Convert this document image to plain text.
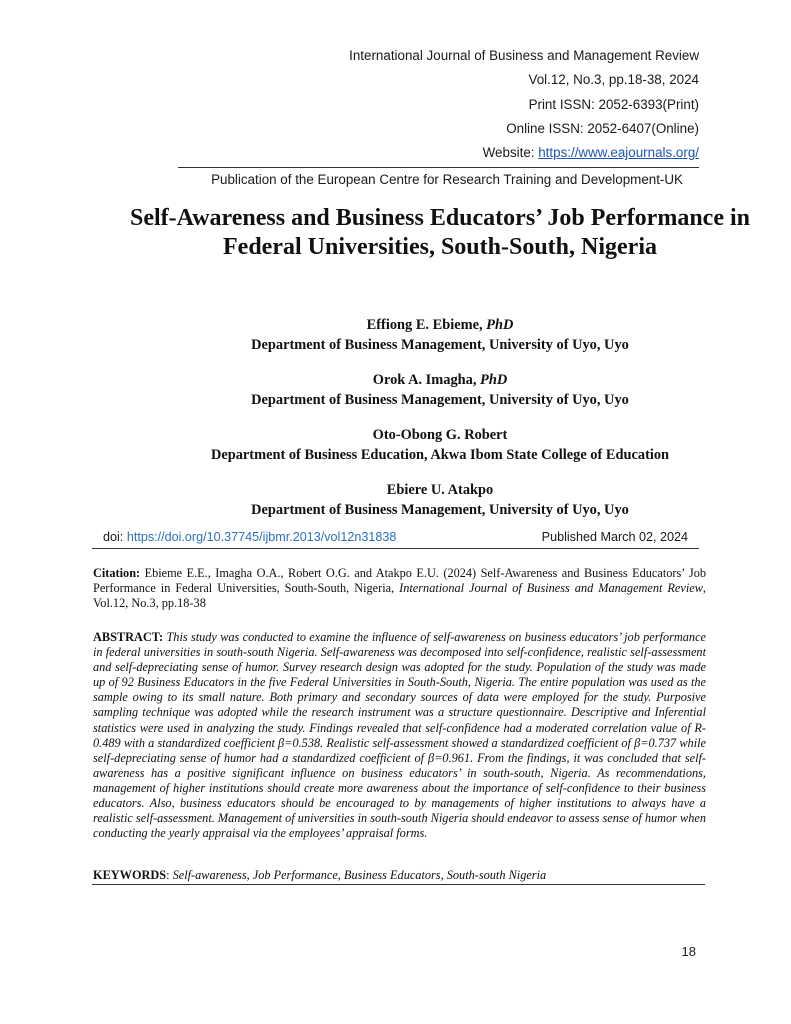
International Journal of Business and Management Review
Vol.12, No.3, pp.18-38, 2024
Print ISSN: 2052-6393(Print)
Online ISSN: 2052-6407(Online)
Website: https://www.eajournals.org/
Publication of the European Centre for Research Training and Development-UK
Self-Awareness and Business Educators’ Job Performance in Federal Universities, South-South, Nigeria
Effiong E. Ebieme, PhD
Department of Business Management, University of Uyo, Uyo
Orok A. Imagha, PhD
Department of Business Management, University of Uyo, Uyo
Oto-Obong G. Robert
Department of Business Education, Akwa Ibom State College of Education
Ebiere U. Atakpo
Department of Business Management, University of Uyo, Uyo
doi: https://doi.org/10.37745/ijbmr.2013/vol12n31838	Published March 02, 2024
Citation: Ebieme E.E., Imagha O.A., Robert O.G. and Atakpo E.U. (2024) Self-Awareness and Business Educators’ Job Performance in Federal Universities, South-South, Nigeria, International Journal of Business and Management Review, Vol.12, No.3, pp.18-38
ABSTRACT: This study was conducted to examine the influence of self-awareness on business educators’ job performance in federal universities in south-south Nigeria. Self-awareness was decomposed into self-confidence, realistic self-assessment and self-depreciating sense of humor. Survey research design was adopted for the study. Population of the study was made up of 92 Business Educators in the five Federal Universities in South-South, Nigeria. The entire population was used as the sample owing to its small nature. Both primary and secondary sources of data were employed for the study. Purposive sampling technique was adopted while the research instrument was a structure questionnaire. Descriptive and Inferential statistics were used in analyzing the study. Findings revealed that self-confidence had a moderated correlation value of R-0.489 with a standardized coefficient β=0.538. Realistic self-assessment showed a standardized coefficient of β=0.737 while self-depreciating sense of humor had a standardized coefficient of β=0.961. From the findings, it was concluded that self-awareness has a positive significant influence on business educators’ in south-south, Nigeria. As recommendations, management of higher institutions should create more awareness about the importance of self-confidence to their business educators. Also, business educators should be encouraged to by managements of higher institutions to always have a realistic self-assessment. Management of universities in south-south Nigeria should endeavor to assess sense of humor when conducting the yearly appraisal via the employees’ appraisal forms.
KEYWORDS: Self-awareness, Job Performance, Business Educators, South-south Nigeria
18
